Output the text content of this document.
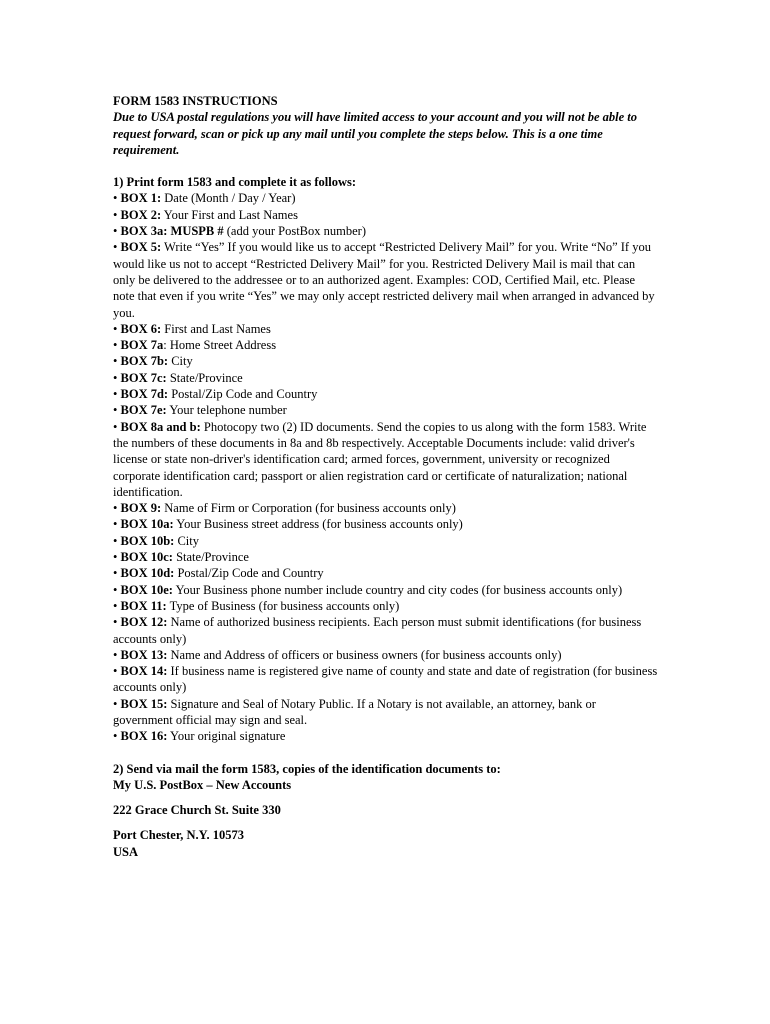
FORM 1583 INSTRUCTIONS

Due to USA postal regulations you will have limited access to your account and you will not be able to request forward, scan or pick up any mail until you complete the steps below. This is a one time requirement.

1) Print form 1583 and complete it as follows:

• BOX 1: Date (Month / Day / Year)

• BOX 2: Your First and Last Names

• BOX 3a: MUSPB # (add your PostBox number)

• BOX 5: Write “Yes” If you would like us to accept “Restricted Delivery Mail” for you. Write “No” If you would like us not to accept “Restricted Delivery Mail” for you. Restricted Delivery Mail is mail that can only be delivered to the addressee or to an authorized agent. Examples: COD, Certified Mail, etc. Please note that even if you write “Yes” we may only accept restricted delivery mail when arranged in advanced by you.

• BOX 6: First and Last Names

• BOX 7a: Home Street Address

• BOX 7b: City

• BOX 7c: State/Province

• BOX 7d: Postal/Zip Code and Country

• BOX 7e: Your telephone number

• BOX 8a and b: Photocopy two (2) ID documents. Send the copies to us along with the form 1583. Write the numbers of these documents in 8a and 8b respectively. Acceptable Documents include: valid driver's license or state non-driver's identification card; armed forces, government, university or recognized corporate identification card; passport or alien registration card or certificate of naturalization; national identification.

• BOX 9: Name of Firm or Corporation (for business accounts only)

• BOX 10a: Your Business street address (for business accounts only)

• BOX 10b: City

• BOX 10c: State/Province

• BOX 10d: Postal/Zip Code and Country

• BOX 10e: Your Business phone number include country and city codes (for business accounts only)

• BOX 11: Type of Business (for business accounts only)

• BOX 12: Name of authorized business recipients. Each person must submit identifications (for business accounts only)

• BOX 13: Name and Address of officers or business owners (for business accounts only)

• BOX 14: If business name is registered give name of county and state and date of registration (for business accounts only)

• BOX 15: Signature and Seal of Notary Public. If a Notary is not available, an attorney, bank or government official may sign and seal.

• BOX 16: Your original signature

2) Send via mail the form 1583, copies of the identification documents to:

My U.S. PostBox – New Accounts

222 Grace Church St. Suite 330

Port Chester, N.Y. 10573

USA
